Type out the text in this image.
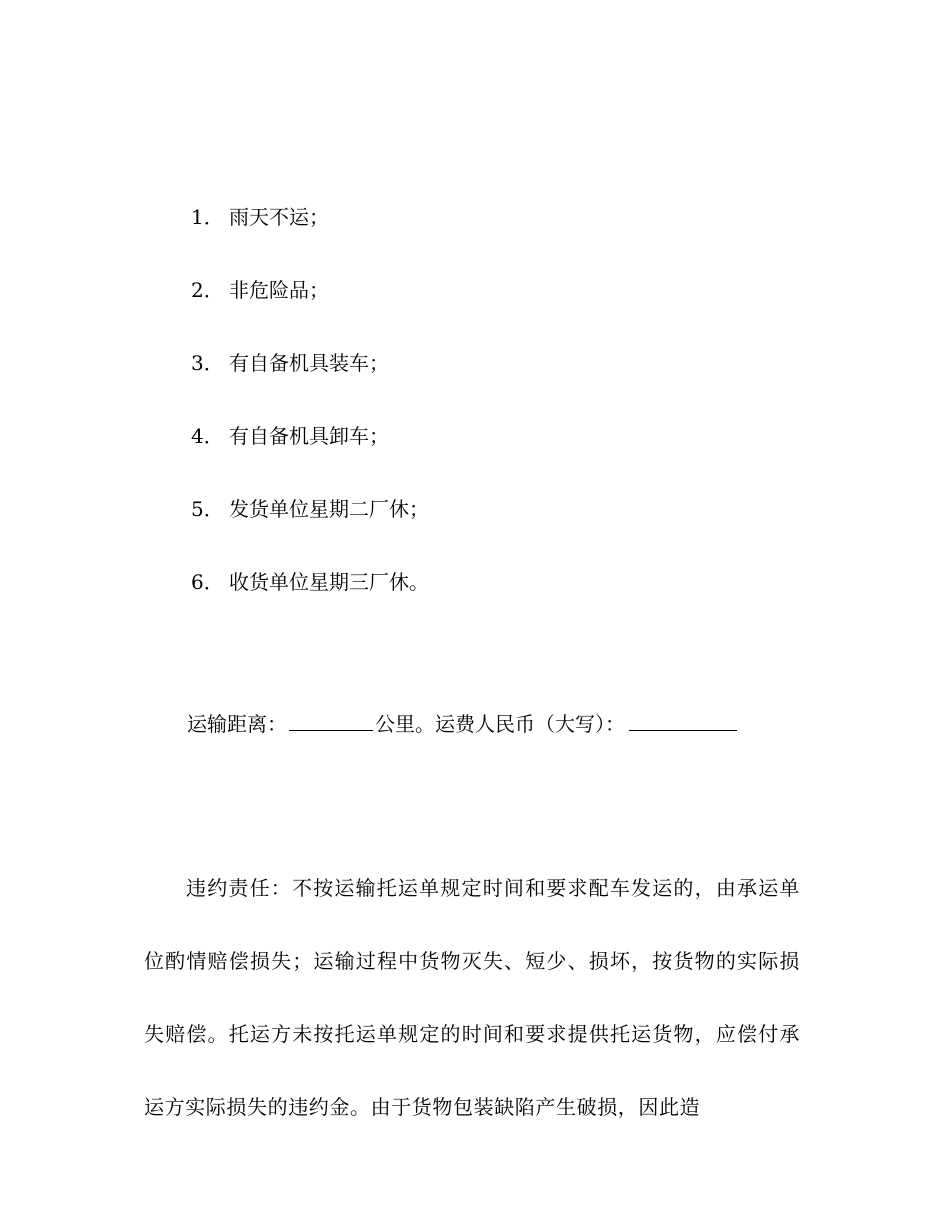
1． 雨天不运；
2． 非危险品；
3． 有自备机具装车；
4． 有自备机具卸车；
5． 发货单位星期二厂休；
6． 收货单位星期三厂休。
运输距离：	公里。运费人民币（大写）：

违约责任：不按运输托运单规定时间和要求配车发运的，由承运单位酌情赔偿损失；运输过程中货物灭失、短少、损坏，按货物的实际损失赔偿。托运方未按托运单规定的时间和要求提供托运货物，应偿付承运方实际损失的违约金。由于货物包装缺陷产生破损，因此造
